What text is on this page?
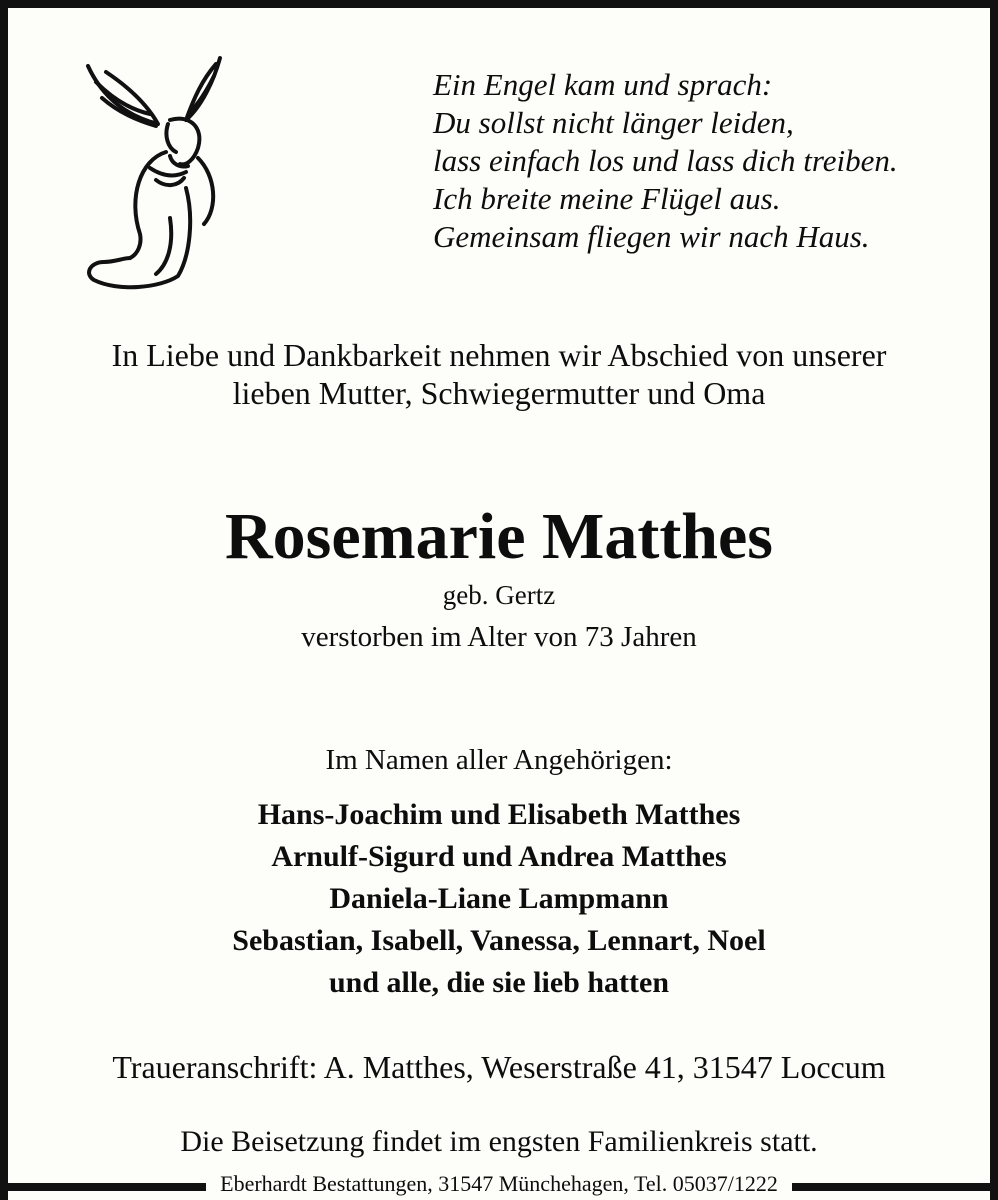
Ein Engel kam und sprach:
Du sollst nicht länger leiden,
lass einfach los und lass dich treiben.
Ich breite meine Flügel aus.
Gemeinsam fliegen wir nach Haus.
In Liebe und Dankbarkeit nehmen wir Abschied von unserer
lieben Mutter, Schwiegermutter und Oma
Rosemarie Matthes
geb. Gertz
verstorben im Alter von 73 Jahren
Im Namen aller Angehörigen:
Hans-Joachim und Elisabeth Matthes
Arnulf-Sigurd und Andrea Matthes
Daniela-Liane Lampmann
Sebastian, Isabell, Vanessa, Lennart, Noel
und alle, die sie lieb hatten
Traueranschrift: A. Matthes, Weserstraße 41, 31547 Loccum
Die Beisetzung findet im engsten Familienkreis statt.
Eberhardt Bestattungen, 31547 Münchehagen, Tel. 05037/1222
